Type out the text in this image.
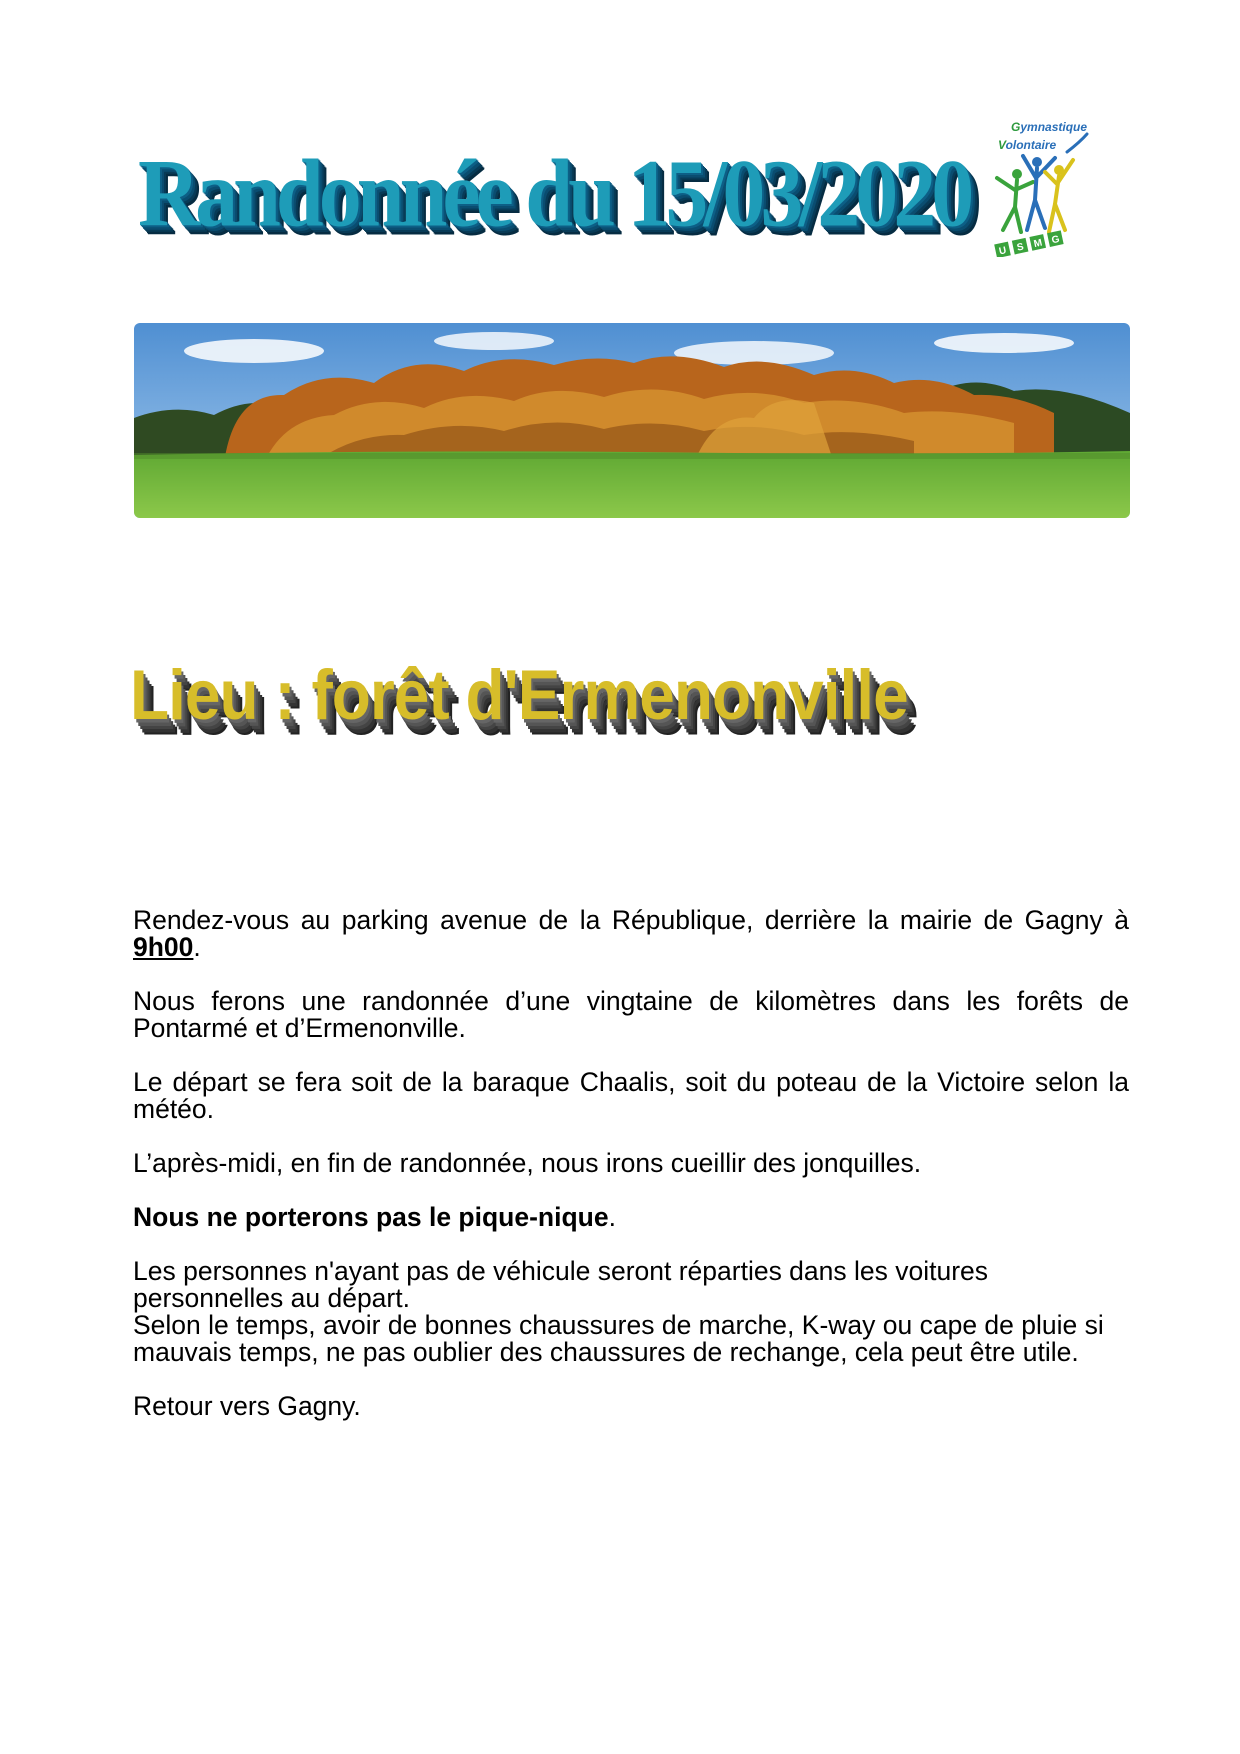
Randonnée du 15/03/2020
U S M G
Gymnastique
Volontaire
Lieu : forêt d'Ermenonville

Rendez-vous au parking avenue de la République, derrière la mairie de Gagny à 9h00.

Nous ferons une randonnée d’une vingtaine de kilomètres dans les forêts de Pontarmé et d’Ermenonville.

Le départ se fera soit de la baraque Chaalis, soit du poteau de la Victoire selon la météo.

L’après-midi, en fin de randonnée, nous irons cueillir des jonquilles.

Nous ne porterons pas le pique-nique.

Les personnes n'ayant pas de véhicule seront réparties dans les voitures personnelles au départ.

Selon le temps, avoir de bonnes chaussures de marche, K-way ou cape de pluie si mauvais temps, ne pas oublier des chaussures de rechange, cela peut être utile.

Retour vers Gagny.
